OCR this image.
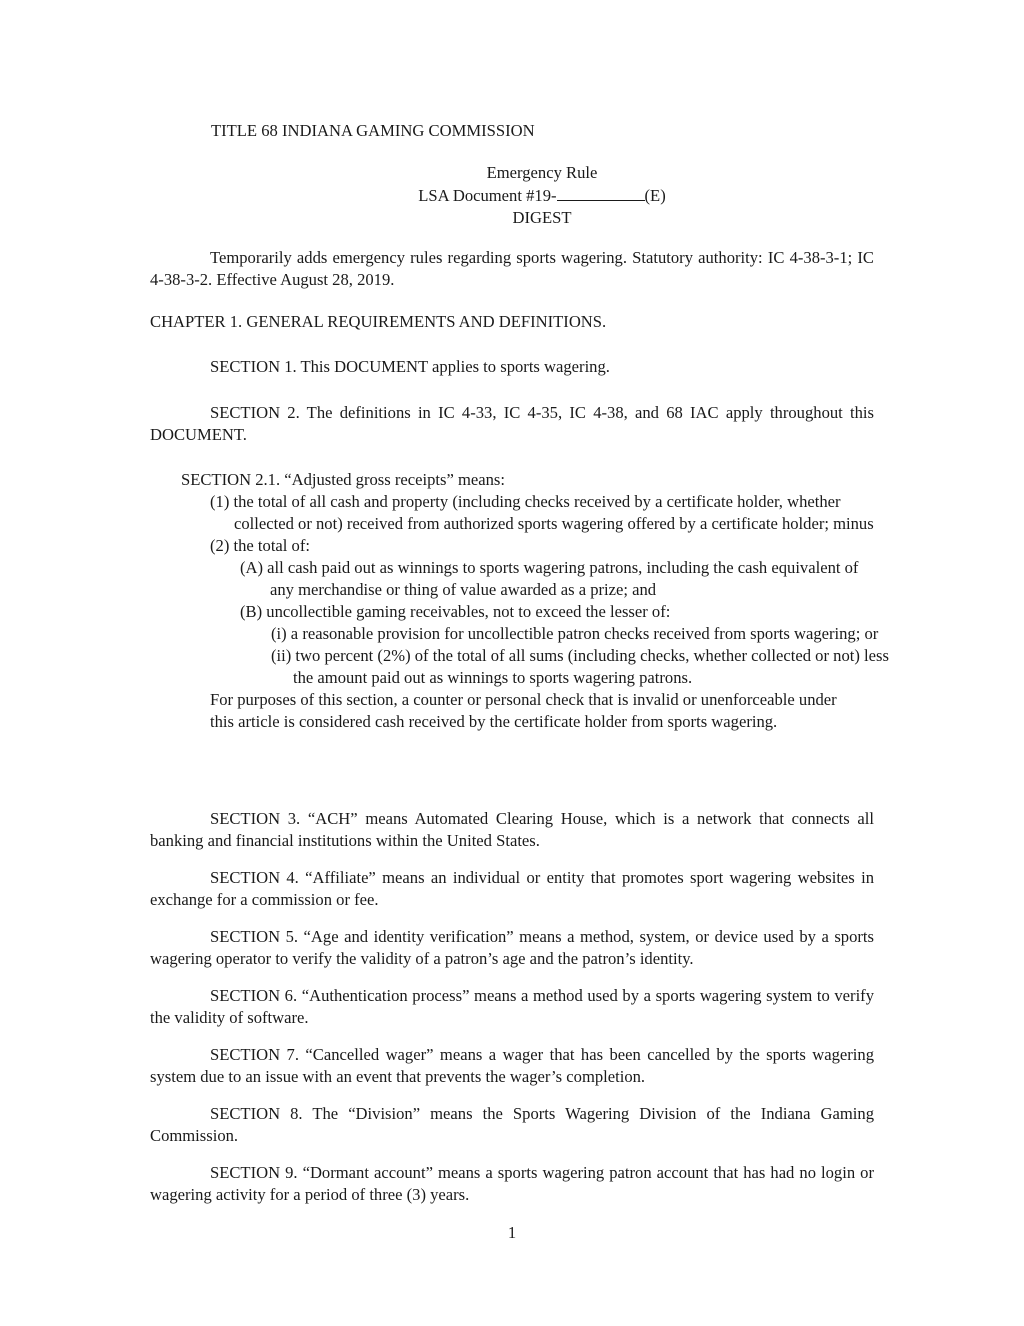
TITLE 68 INDIANA GAMING COMMISSION

Emergency Rule
LSA Document #19-	(E)
DIGEST

Temporarily adds emergency rules regarding sports wagering. Statutory authority: IC 4-38-3-1; IC 4-38-3-2. Effective August 28, 2019.

CHAPTER 1. GENERAL REQUIREMENTS AND DEFINITIONS.

SECTION 1. This DOCUMENT applies to sports wagering.

SECTION 2. The definitions in IC 4-33, IC 4-35, IC 4-38, and 68 IAC apply throughout this DOCUMENT.

SECTION 2.1. “Adjusted gross receipts” means:
(1) the total of all cash and property (including checks received by a certificate holder, whether collected or not) received from authorized sports wagering offered by a certificate holder; minus
(2) the total of:
(A) all cash paid out as winnings to sports wagering patrons, including the cash equivalent of any merchandise or thing of value awarded as a prize; and
(B) uncollectible gaming receivables, not to exceed the lesser of:
(i) a reasonable provision for uncollectible patron checks received from sports wagering; or
(ii) two percent (2%) of the total of all sums (including checks, whether collected or not) less the amount paid out as winnings to sports wagering patrons.
For purposes of this section, a counter or personal check that is invalid or unenforceable under this article is considered cash received by the certificate holder from sports wagering.

SECTION 3. “ACH” means Automated Clearing House, which is a network that connects all banking and financial institutions within the United States.

SECTION 4. “Affiliate” means an individual or entity that promotes sport wagering websites in exchange for a commission or fee.

SECTION 5. “Age and identity verification” means a method, system, or device used by a sports wagering operator to verify the validity of a patron’s age and the patron’s identity.

SECTION 6. “Authentication process” means a method used by a sports wagering system to verify the validity of software.

SECTION 7. “Cancelled wager” means a wager that has been cancelled by the sports wagering system due to an issue with an event that prevents the wager’s completion.

SECTION 8. The “Division” means the Sports Wagering Division of the Indiana Gaming Commission.

SECTION 9. “Dormant account” means a sports wagering patron account that has had no login or wagering activity for a period of three (3) years.

1
